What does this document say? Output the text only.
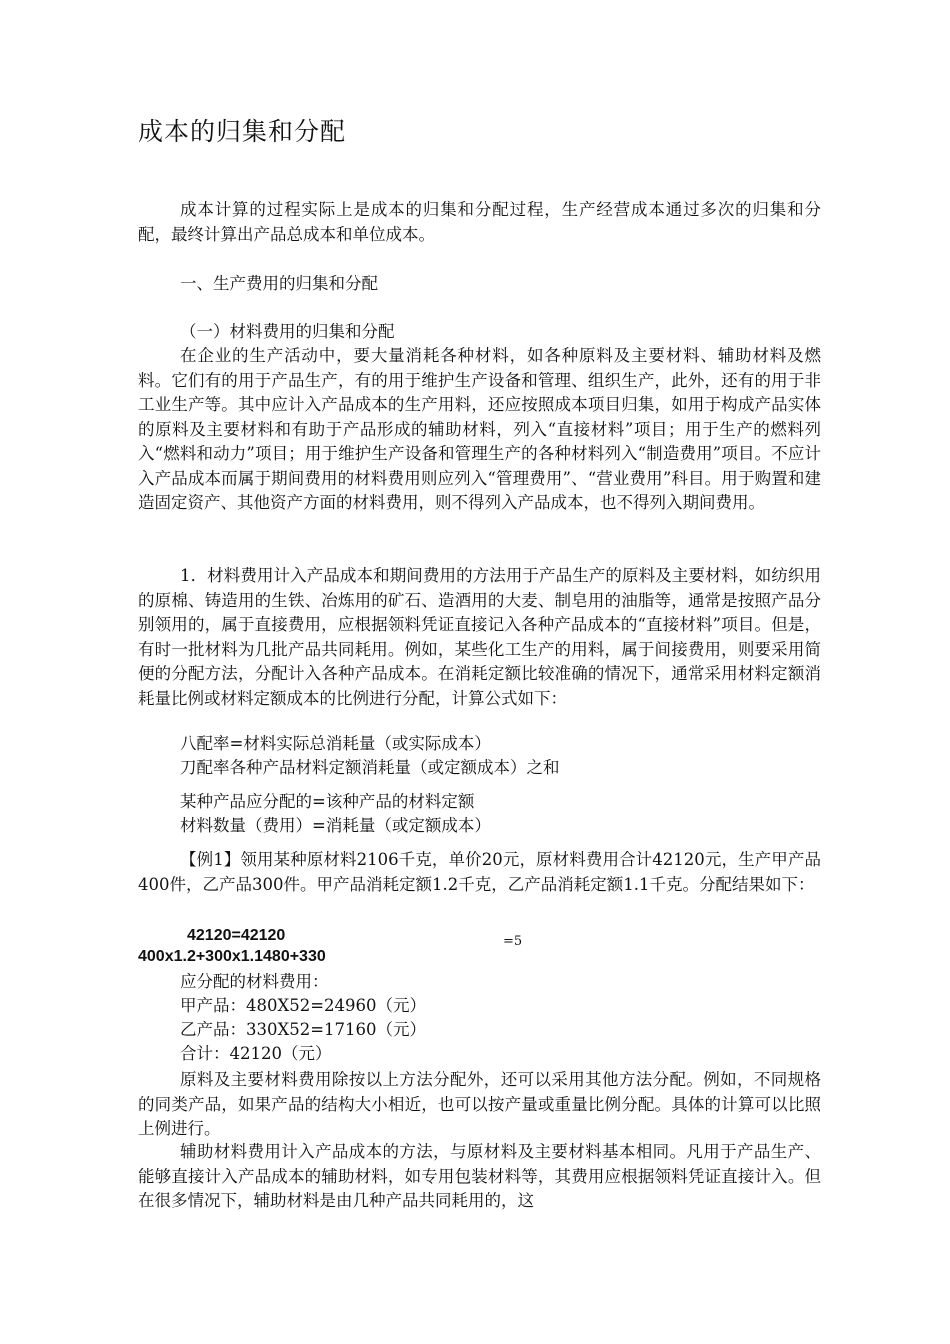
成本的归集和分配

成本计算的过程实际上是成本的归集和分配过程，生产经营成本通过多次的归集和分配，最终计算出产品总成本和单位成本。

一、生产费用的归集和分配
（一）材料费用的归集和分配

在企业的生产活动中，要大量消耗各种材料，如各种原料及主要材料、辅助材料及燃料。它们有的用于产品生产，有的用于维护生产设备和管理、组织生产，此外，还有的用于非工业生产等。其中应计入产品成本的生产用料，还应按照成本项目归集，如用于构成产品实体的原料及主要材料和有助于产品形成的辅助材料，列入“直接材料”项目；用于生产的燃料列入“燃料和动力”项目；用于维护生产设备和管理生产的各种材料列入“制造费用”项目。不应计入产品成本而属于期间费用的材料费用则应列入“管理费用”、“营业费用”科目。用于购置和建造固定资产、其他资产方面的材料费用，则不得列入产品成本，也不得列入期间费用。

1．材料费用计入产品成本和期间费用的方法用于产品生产的原料及主要材料，如纺织用的原棉、铸造用的生铁、冶炼用的矿石、造酒用的大麦、制皂用的油脂等，通常是按照产品分别领用的，属于直接费用，应根据领料凭证直接记入各种产品成本的“直接材料”项目。但是，有时一批材料为几批产品共同耗用。例如，某些化工生产的用料，属于间接费用，则要采用简便的分配方法，分配计入各种产品成本。在消耗定额比较准确的情况下，通常采用材料定额消耗量比例或材料定额成本的比例进行分配，计算公式如下：

八配率=材料实际总消耗量（或实际成本）
刀配率各种产品材料定额消耗量（或定额成本）之和
某种产品应分配的=该种产品的材料定额
材料数量（费用）=消耗量（或定额成本）

【例1】领用某种原材料2106千克，单价20元，原材料费用合计42120元，生产甲产品400件，乙产品300件。甲产品消耗定额1.2千克，乙产品消耗定额1.1千克。分配结果如下：

42120=42120	=5
400x1.2+300x1.1480+330
应分配的材料费用：
甲产品：480X52=24960（元）
乙产品：330X52=17160（元）
合计：42120（元）

原料及主要材料费用除按以上方法分配外，还可以采用其他方法分配。例如，不同规格的同类产品，如果产品的结构大小相近，也可以按产量或重量比例分配。具体的计算可以比照上例进行。

辅助材料费用计入产品成本的方法，与原材料及主要材料基本相同。凡用于产品生产、能够直接计入产品成本的辅助材料，如专用包装材料等，其费用应根据领料凭证直接计入。但在很多情况下，辅助材料是由几种产品共同耗用的，这
